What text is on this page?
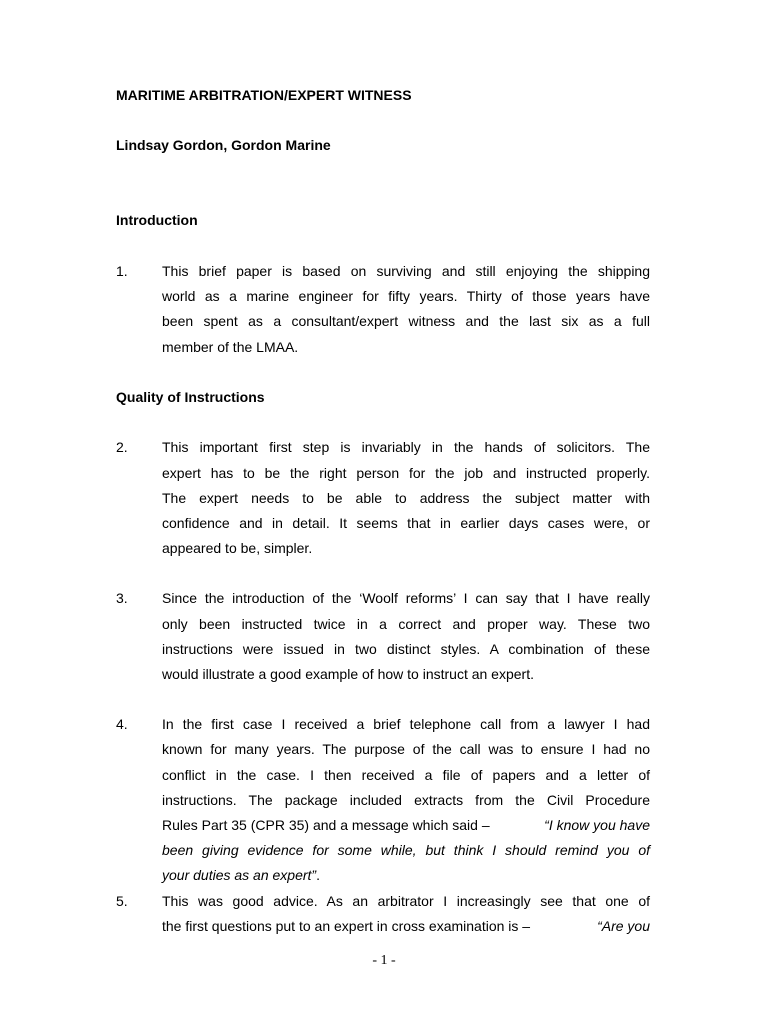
MARITIME ARBITRATION/EXPERT WITNESS
Lindsay Gordon, Gordon Marine
Introduction
1. This brief paper is based on surviving and still enjoying the shipping
world as a marine engineer for fifty years. Thirty of those years have
been spent as a consultant/expert witness and the last six as a full
member of the LMAA.
Quality of Instructions
2. This important first step is invariably in the hands of solicitors. The
expert has to be the right person for the job and instructed properly.
The expert needs to be able to address the subject matter with
confidence and in detail. It seems that in earlier days cases were, or
appeared to be, simpler.
3. Since the introduction of the ‘Woolf reforms’ I can say that I have really
only been instructed twice in a correct and proper way. These two
instructions were issued in two distinct styles. A combination of these
would illustrate a good example of how to instruct an expert.
4. In the first case I received a brief telephone call from a lawyer I had
known for many years. The purpose of the call was to ensure I had no
conflict in the case. I then received a file of papers and a letter of
instructions. The package included extracts from the Civil Procedure
Rules Part 35 (CPR 35) and a message which said –	“I know you have
been giving evidence for some while, but think I should remind you of
your duties as an expert”.
5. This was good advice. As an arbitrator I increasingly see that one of
the first questions put to an expert in cross examination is –	“Are you
- 1 -
